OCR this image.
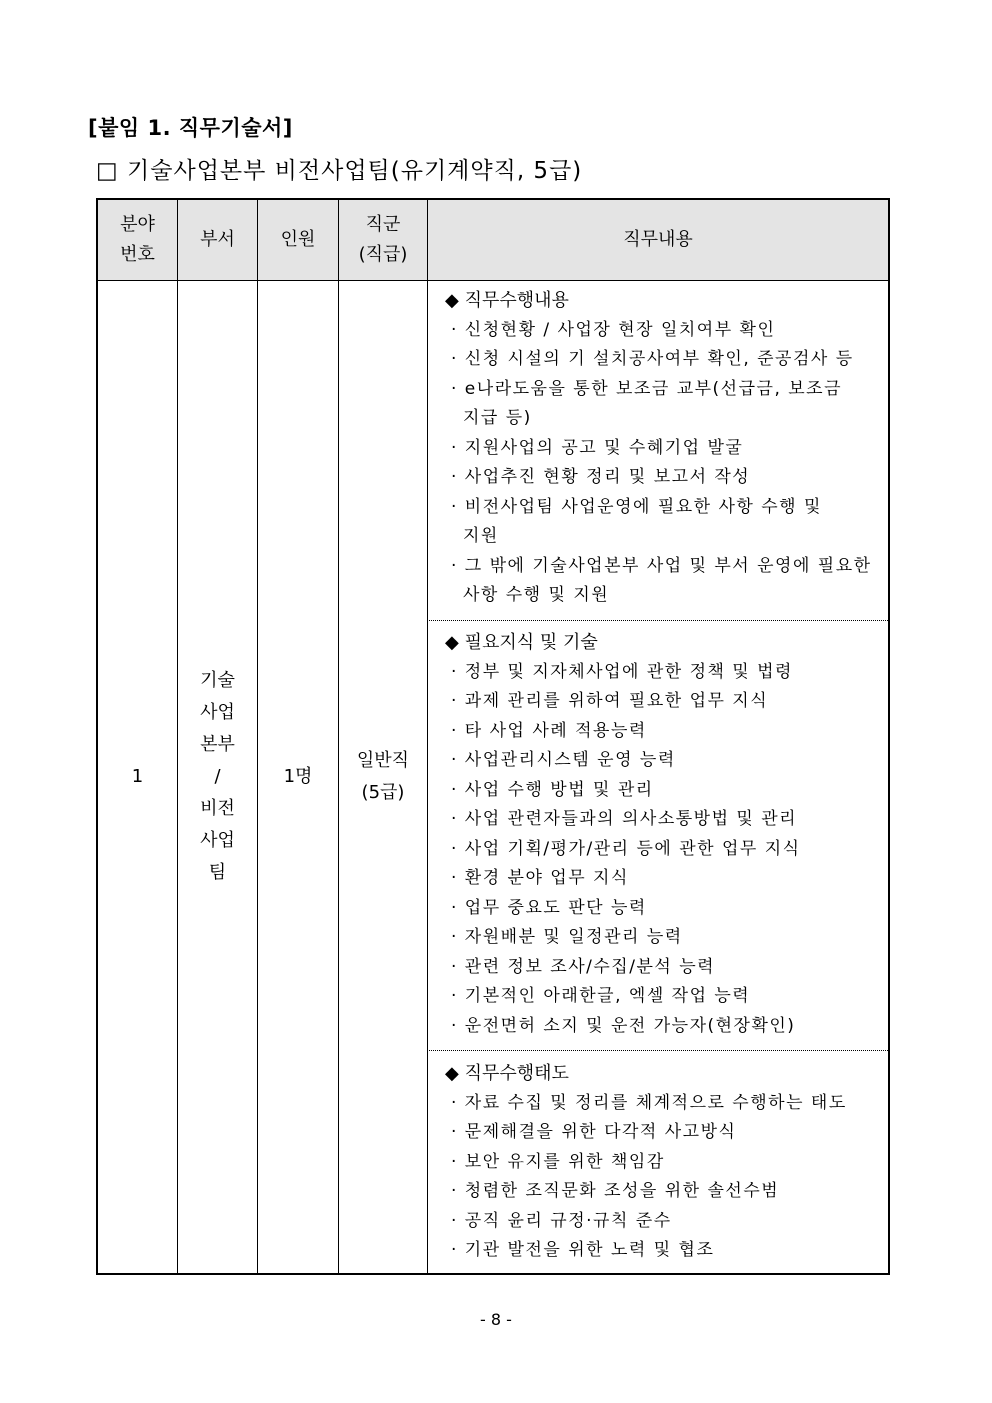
[붙임 1. 직무기술서]
□ 기술사업본부 비전사업팀(유기계약직, 5급)
분야
번호
부서	인원
직군
(직급)
직무내용
1
기술
사업
본부
/
비전
사업
팀
1명
일반직
(5급)
◆ 직무수행내용
· 신청현황 / 사업장 현장 일치여부 확인
· 신청 시설의 기 설치공사여부 확인, 준공검사 등
· e나라도움을 통한 보조금 교부(선급금, 보조금
지급 등)
· 지원사업의 공고 및 수혜기업 발굴
· 사업추진 현황 정리 및 보고서 작성
· 비전사업팀 사업운영에 필요한 사항 수행 및
지원
· 그 밖에 기술사업본부 사업 및 부서 운영에 필요한
사항 수행 및 지원
◆ 필요지식 및 기술
· 정부 및 지자체사업에 관한 정책 및 법령
· 과제 관리를 위하여 필요한 업무 지식
· 타 사업 사례 적용능력
· 사업관리시스템 운영 능력
· 사업 수행 방법 및 관리
· 사업 관련자들과의 의사소통방법 및 관리
· 사업 기획/평가/관리 등에 관한 업무 지식
· 환경 분야 업무 지식
· 업무 중요도 판단 능력
· 자원배분 및 일정관리 능력
· 관련 정보 조사/수집/분석 능력
· 기본적인 아래한글, 엑셀 작업 능력
· 운전면허 소지 및 운전 가능자(현장확인)
◆ 직무수행태도
· 자료 수집 및 정리를 체계적으로 수행하는 태도
· 문제해결을 위한 다각적 사고방식
· 보안 유지를 위한 책임감
· 청렴한 조직문화 조성을 위한 솔선수범
· 공직 윤리 규정·규칙 준수
· 기관 발전을 위한 노력 및 협조
- 8 -
